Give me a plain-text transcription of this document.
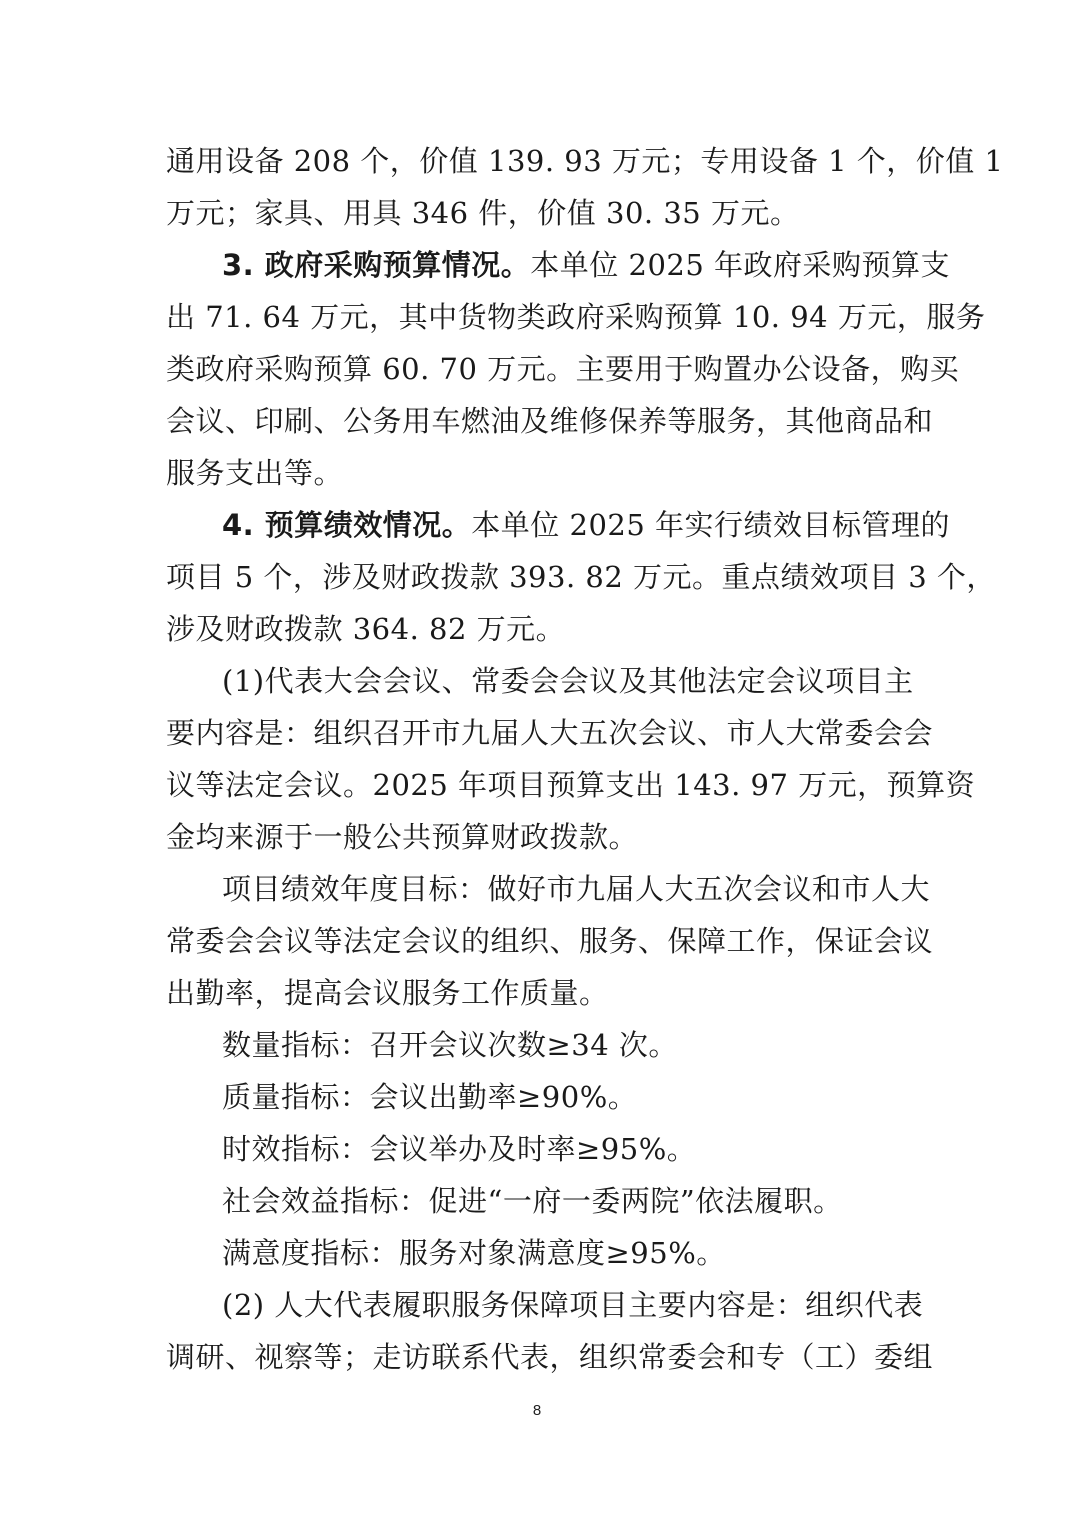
通用设备 208 个，价值 139. 93 万元；专用设备 1 个，价值 1
万元；家具、用具 346 件，价值 30. 35 万元。
3. 政府采购预算情况。本单位 2025 年政府采购预算支
出 71. 64 万元，其中货物类政府采购预算 10. 94 万元，服务
类政府采购预算 60. 70 万元。主要用于购置办公设备，购买
会议、印刷、公务用车燃油及维修保养等服务，其他商品和
服务支出等。
4. 预算绩效情况。本单位 2025 年实行绩效目标管理的
项目 5 个，涉及财政拨款 393. 82 万元。重点绩效项目 3 个，
涉及财政拨款 364. 82 万元。
(1)代表大会会议、常委会会议及其他法定会议项目主
要内容是：组织召开市九届人大五次会议、市人大常委会会
议等法定会议。2025 年项目预算支出 143. 97 万元，预算资
金均来源于一般公共预算财政拨款。
项目绩效年度目标：做好市九届人大五次会议和市人大
常委会会议等法定会议的组织、服务、保障工作，保证会议
出勤率，提高会议服务工作质量。
数量指标：召开会议次数≥34 次。
质量指标：会议出勤率≥90%。
时效指标：会议举办及时率≥95%。
社会效益指标：促进“一府一委两院”依法履职。
满意度指标：服务对象满意度≥95%。
(2) 人大代表履职服务保障项目主要内容是：组织代表
调研、视察等；走访联系代表，组织常委会和专（工）委组
8
